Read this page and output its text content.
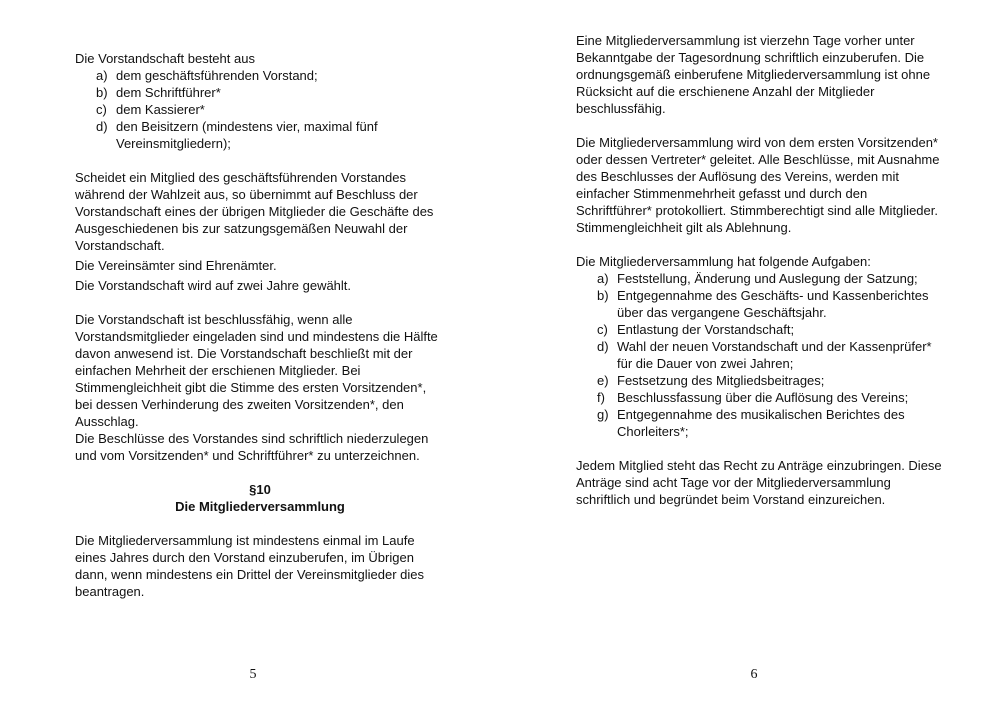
Die Vorstandschaft besteht aus

a) dem geschäftsführenden Vorstand;
b) dem Schriftführer*
c) dem Kassierer*
d) den Beisitzern (mindestens vier, maximal fünf Vereinsmitgliedern);

Scheidet ein Mitglied des geschäftsführenden Vorstandes während der Wahlzeit aus, so übernimmt auf Beschluss der Vorstandschaft eines der übrigen Mitglieder die Geschäfte des Ausgeschiedenen bis zur satzungsgemäßen Neuwahl der Vorstandschaft.

Die Vereinsämter sind Ehrenämter.

Die Vorstandschaft wird auf zwei Jahre gewählt.

Die Vorstandschaft ist beschlussfähig, wenn alle Vorstandsmitglieder eingeladen sind und mindestens die Hälfte davon anwesend ist. Die Vorstandschaft beschließt mit der einfachen Mehrheit der erschienen Mitglieder. Bei Stimmengleichheit gibt die Stimme des ersten Vorsitzenden*, bei dessen Verhinderung des zweiten Vorsitzenden*, den Ausschlag.

Die Beschlüsse des Vorstandes sind schriftlich niederzulegen und vom Vorsitzenden* und Schriftführer* zu unterzeichnen.

§10

Die Mitgliederversammlung

Die Mitgliederversammlung ist mindestens einmal im Laufe eines Jahres durch den Vorstand einzuberufen, im Übrigen dann, wenn mindestens ein Drittel der Vereinsmitglieder dies beantragen.

5

Eine Mitgliederversammlung ist vierzehn Tage vorher unter Bekanntgabe der Tagesordnung schriftlich einzuberufen. Die ordnungsgemäß einberufene Mitgliederversammlung ist ohne Rücksicht auf die erschienene Anzahl der Mitglieder beschlussfähig.

Die Mitgliederversammlung wird von dem ersten Vorsitzenden* oder dessen Vertreter* geleitet. Alle Beschlüsse, mit Ausnahme des Beschlusses der Auflösung des Vereins, werden mit einfacher Stimmenmehrheit gefasst und durch den Schriftführer* protokolliert. Stimmberechtigt sind alle Mitglieder. Stimmengleichheit gilt als Ablehnung.

Die Mitgliederversammlung hat folgende Aufgaben:

a) Feststellung, Änderung und Auslegung der Satzung;
b) Entgegennahme des Geschäfts- und Kassenberichtes über das vergangene Geschäftsjahr.
c) Entlastung der Vorstandschaft;
d) Wahl der neuen Vorstandschaft und der Kassenprüfer* für die Dauer von zwei Jahren;
e) Festsetzung des Mitgliedsbeitrages;
f) Beschlussfassung über die Auflösung des Vereins;
g) Entgegennahme des musikalischen Berichtes des Chorleiters*;

Jedem Mitglied steht das Recht zu Anträge einzubringen. Diese Anträge sind acht Tage vor der Mitgliederversammlung schriftlich und begründet beim Vorstand einzureichen.

6
